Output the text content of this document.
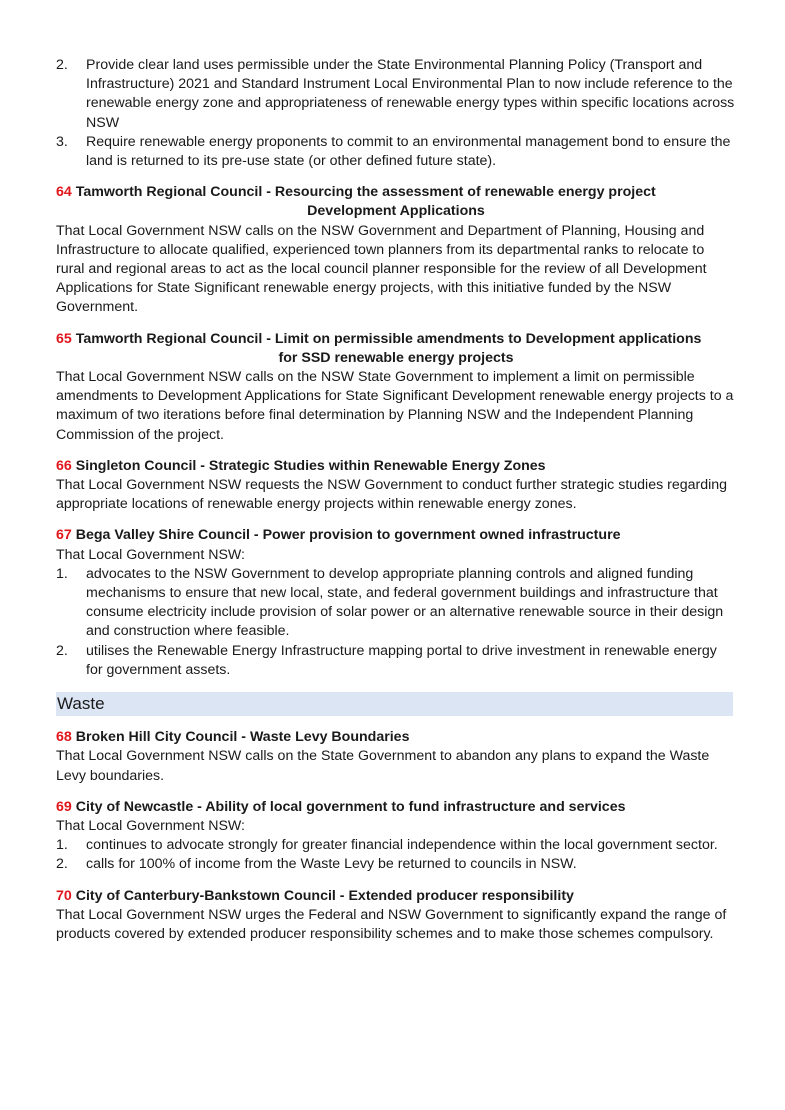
2. Provide clear land uses permissible under the State Environmental Planning Policy (Transport and Infrastructure) 2021 and Standard Instrument Local Environmental Plan to now include reference to the renewable energy zone and appropriateness of renewable energy types within specific locations across NSW
3. Require renewable energy proponents to commit to an environmental management bond to ensure the land is returned to its pre-use state (or other defined future state).
64 Tamworth Regional Council - Resourcing the assessment of renewable energy project
Development Applications

That Local Government NSW calls on the NSW Government and Department of Planning, Housing and Infrastructure to allocate qualified, experienced town planners from its departmental ranks to relocate to rural and regional areas to act as the local council planner responsible for the review of all Development Applications for State Significant renewable energy projects, with this initiative funded by the NSW Government.

65 Tamworth Regional Council - Limit on permissible amendments to Development applications
for SSD renewable energy projects

That Local Government NSW calls on the NSW State Government to implement a limit on permissible amendments to Development Applications for State Significant Development renewable energy projects to a maximum of two iterations before final determination by Planning NSW and the Independent Planning Commission of the project.

66 Singleton Council - Strategic Studies within Renewable Energy Zones

That Local Government NSW requests the NSW Government to conduct further strategic studies regarding appropriate locations of renewable energy projects within renewable energy zones.

67 Bega Valley Shire Council - Power provision to government owned infrastructure

That Local Government NSW:

1. advocates to the NSW Government to develop appropriate planning controls and aligned funding mechanisms to ensure that new local, state, and federal government buildings and infrastructure that consume electricity include provision of solar power or an alternative renewable source in their design and construction where feasible.
2. utilises the Renewable Energy Infrastructure mapping portal to drive investment in renewable energy for government assets.
Waste
68 Broken Hill City Council - Waste Levy Boundaries

That Local Government NSW calls on the State Government to abandon any plans to expand the Waste Levy boundaries.

69 City of Newcastle - Ability of local government to fund infrastructure and services

That Local Government NSW:

1. continues to advocate strongly for greater financial independence within the local government sector.
2. calls for 100% of income from the Waste Levy be returned to councils in NSW.
70 City of Canterbury-Bankstown Council - Extended producer responsibility

That Local Government NSW urges the Federal and NSW Government to significantly expand the range of products covered by extended producer responsibility schemes and to make those schemes compulsory.
